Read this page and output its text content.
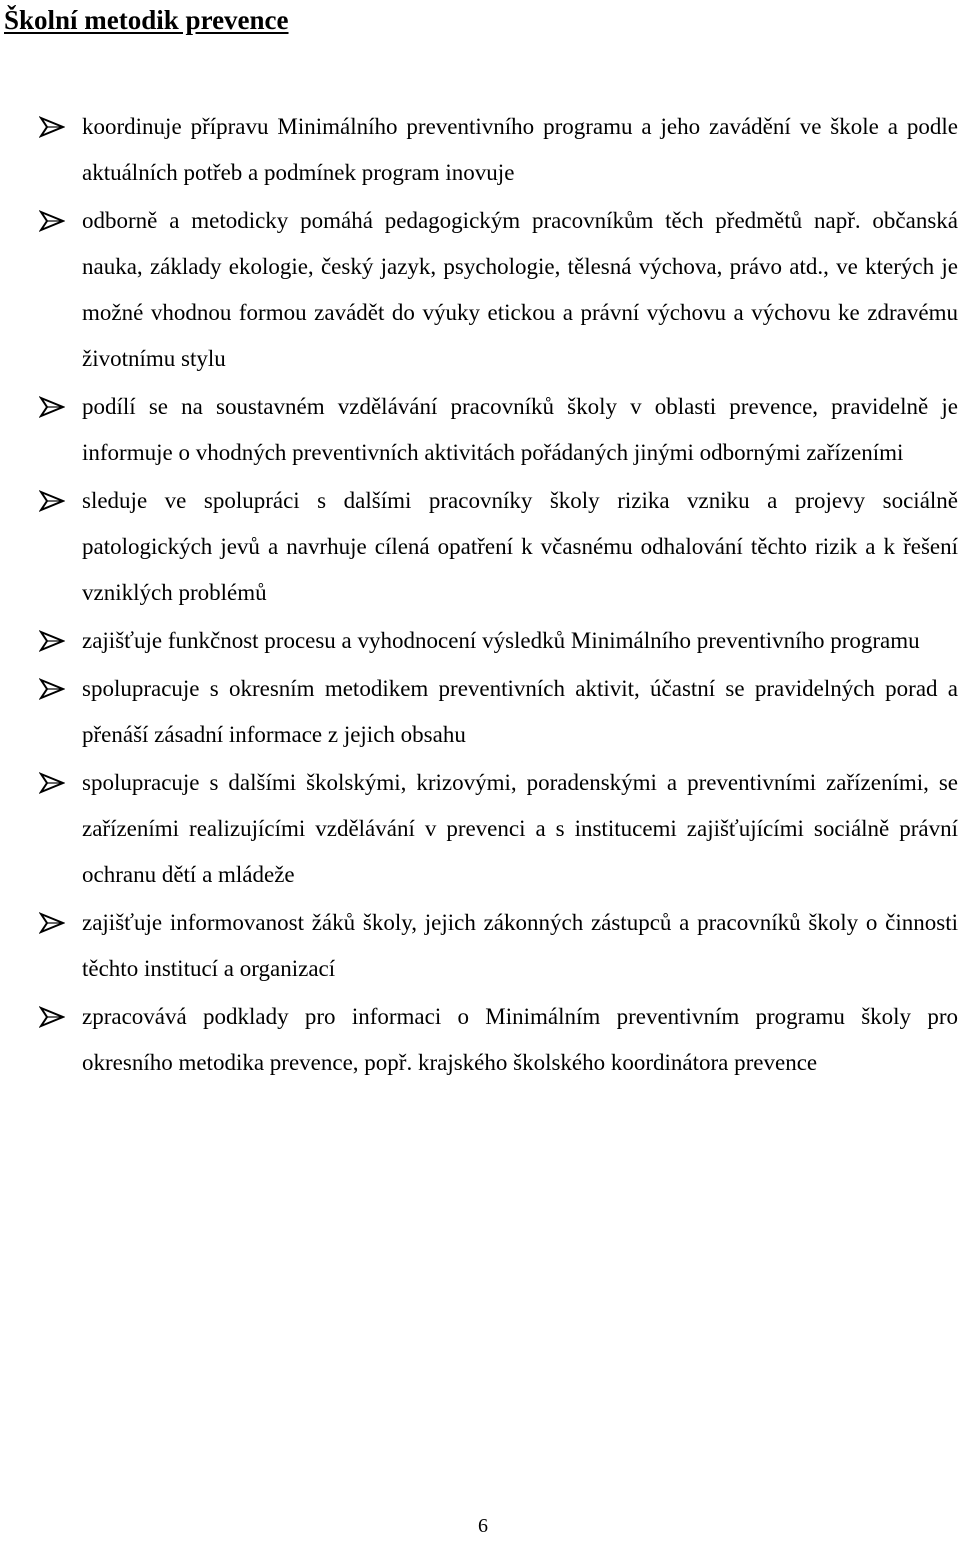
Školní metodik prevence
koordinuje přípravu Minimálního preventivního programu a jeho zavádění ve škole a podle aktuálních potřeb a podmínek program inovuje
odborně a metodicky pomáhá pedagogickým pracovníkům těch předmětů např. občanská nauka, základy ekologie, český jazyk, psychologie, tělesná výchova, právo atd., ve kterých je možné vhodnou formou zavádět do výuky etickou a právní výchovu a výchovu ke zdravému životnímu stylu
podílí se na soustavném vzdělávání pracovníků školy v oblasti prevence, pravidelně je informuje o vhodných preventivních aktivitách pořádaných jinými odbornými zařízeními
sleduje ve spolupráci s dalšími pracovníky školy rizika vzniku a projevy sociálně patologických jevů a navrhuje cílená opatření k včasnému odhalování těchto rizik a k řešení vzniklých problémů
zajišťuje funkčnost procesu a vyhodnocení výsledků Minimálního preventivního programu
spolupracuje s okresním metodikem preventivních aktivit, účastní se pravidelných porad a přenáší zásadní informace z jejich obsahu
spolupracuje s dalšími školskými, krizovými, poradenskými a preventivními zařízeními, se zařízeními realizujícími vzdělávání v prevenci a s institucemi zajišťujícími sociálně právní ochranu dětí a mládeže
zajišťuje informovanost žáků školy, jejich zákonných zástupců a pracovníků školy o činnosti těchto institucí a organizací
zpracovává podklady pro informaci o Minimálním preventivním programu školy pro okresního metodika prevence, popř. krajského školského koordinátora prevence
6
